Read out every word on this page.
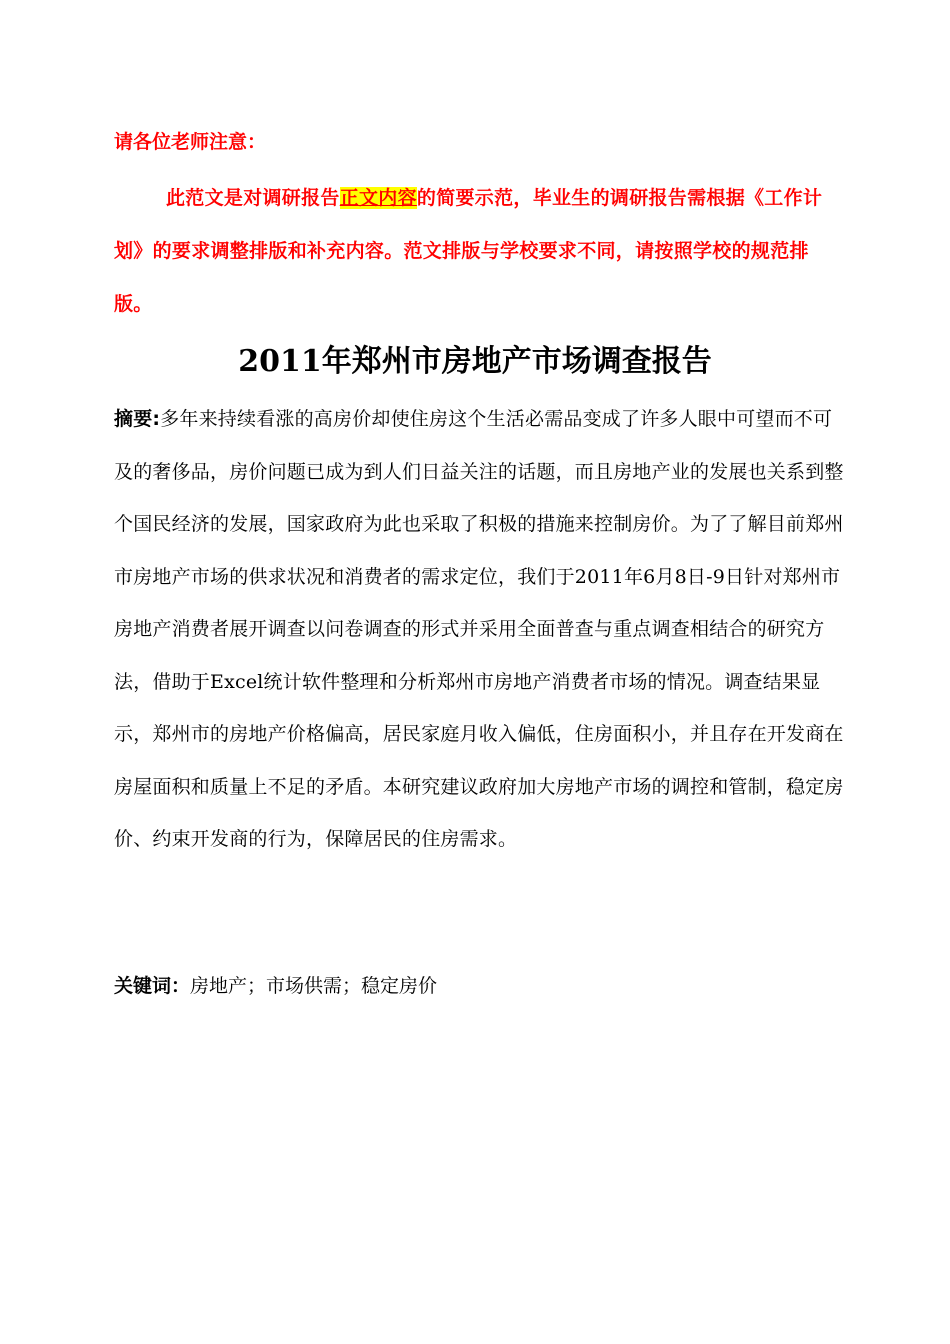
请各位老师注意：
此范文是对调研报告正文内容的简要示范，毕业生的调研报告需根据《工作计划》的要求调整排版和补充内容。范文排版与学校要求不同，请按照学校的规范排版。
2011年郑州市房地产市场调查报告
摘要:多年来持续看涨的高房价却使住房这个生活必需品变成了许多人眼中可望而不可及的奢侈品，房价问题已成为到人们日益关注的话题，而且房地产业的发展也关系到整个国民经济的发展，国家政府为此也采取了积极的措施来控制房价。为了了解目前郑州市房地产市场的供求状况和消费者的需求定位，我们于2011年6月8日-9日针对郑州市房地产消费者展开调查以问卷调查的形式并采用全面普查与重点调查相结合的研究方法，借助于Excel统计软件整理和分析郑州市房地产消费者市场的情况。调查结果显示，郑州市的房地产价格偏高，居民家庭月收入偏低，住房面积小，并且存在开发商在房屋面积和质量上不足的矛盾。本研究建议政府加大房地产市场的调控和管制，稳定房价、约束开发商的行为，保障居民的住房需求。
关键词：房地产；市场供需；稳定房价
